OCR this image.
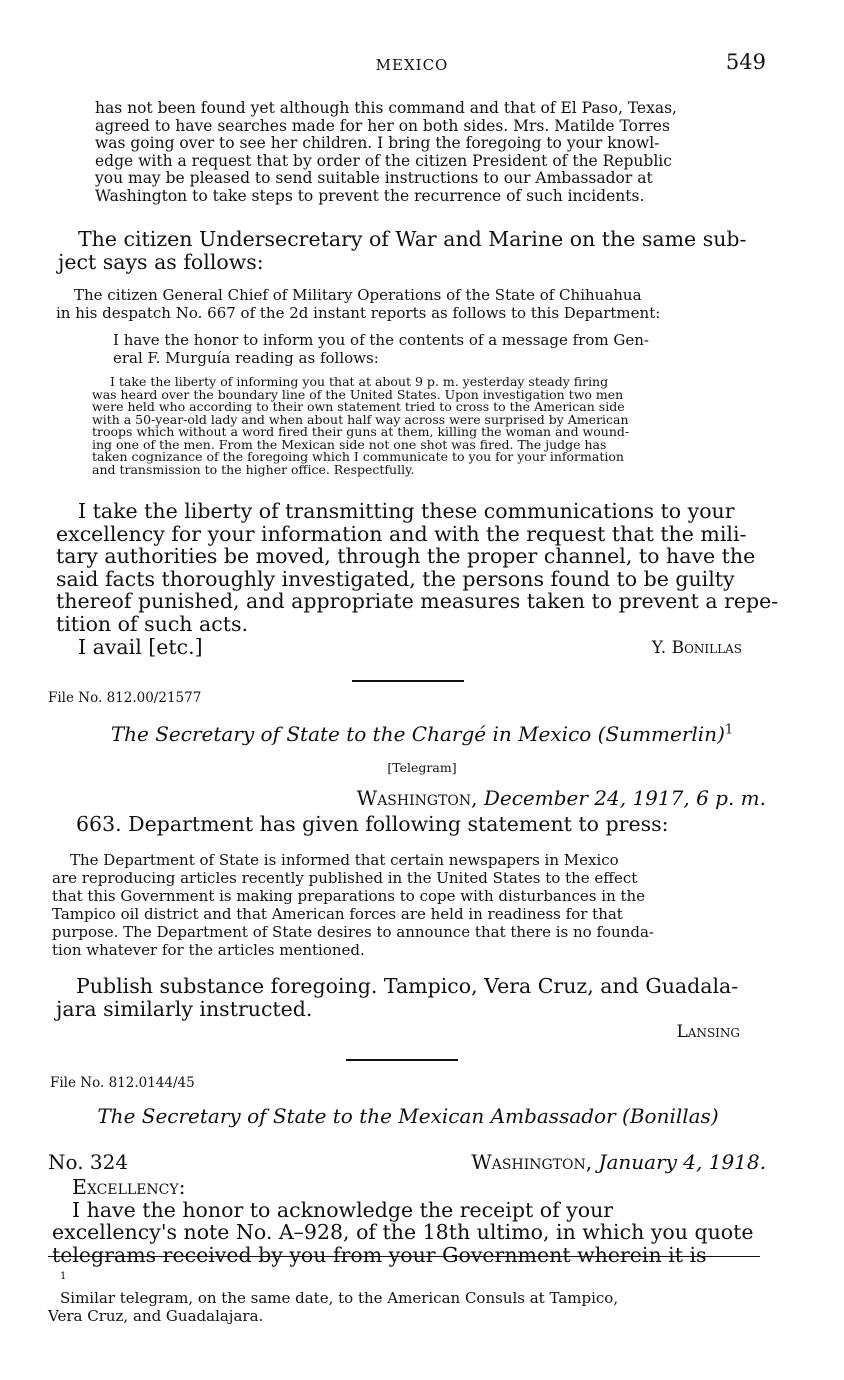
MEXICO	549
has not been found yet although this command and that of El Paso, Texas,
agreed to have searches made for her on both sides. Mrs. Matilde Torres
was going over to see her children. I bring the foregoing to your knowl-
edge with a request that by order of the citizen President of the Republic
you may be pleased to send suitable instructions to our Ambassador at
Washington to take steps to prevent the recurrence of such incidents.
The citizen Undersecretary of War and Marine on the same sub-
ject says as follows:
The citizen General Chief of Military Operations of the State of Chihuahua
in his despatch No. 667 of the 2d instant reports as follows to this Department:
I have the honor to inform you of the contents of a message from Gen-
eral F. Murguía reading as follows:
I take the liberty of informing you that at about 9 p. m. yesterday steady firing
was heard over the boundary line of the United States. Upon investigation two men
were held who according to their own statement tried to cross to the American side
with a 50-year-old lady and when about half way across were surprised by American
troops which without a word fired their guns at them, killing the woman and wound-
ing one of the men. From the Mexican side not one shot was fired. The judge has
taken cognizance of the foregoing which I communicate to you for your information
and transmission to the higher office. Respectfully.
I take the liberty of transmitting these communications to your
excellency for your information and with the request that the mili-
tary authorities be moved, through the proper channel, to have the
said facts thoroughly investigated, the persons found to be guilty
thereof punished, and appropriate measures taken to prevent a repe-
tition of such acts.
I avail [etc.]	Y. Bonillas
File No. 812.00/21577
The Secretary of State to the Chargé in Mexico (Summerlin)$^1$
[Telegram]
Washington, December 24, 1917, 6 p. m.
663. Department has given following statement to press:
The Department of State is informed that certain newspapers in Mexico
are reproducing articles recently published in the United States to the effect
that this Government is making preparations to cope with disturbances in the
Tampico oil district and that American forces are held in readiness for that
purpose. The Department of State desires to announce that there is no founda-
tion whatever for the articles mentioned.
Publish substance foregoing. Tampico, Vera Cruz, and Guadala-
jara similarly instructed.
Lansing
File No. 812.0144/45
The Secretary of State to the Mexican Ambassador (Bonillas)
No. 324	Washington, January 4, 1918.
Excellency:
I have the honor to acknowledge the receipt of your
excellency's note No. A–928, of the 18th ultimo, in which you quote
telegrams received by you from your Government wherein it is
$^1$
Similar telegram, on the same date, to the American Consuls at Tampico,
Vera Cruz, and Guadalajara.
